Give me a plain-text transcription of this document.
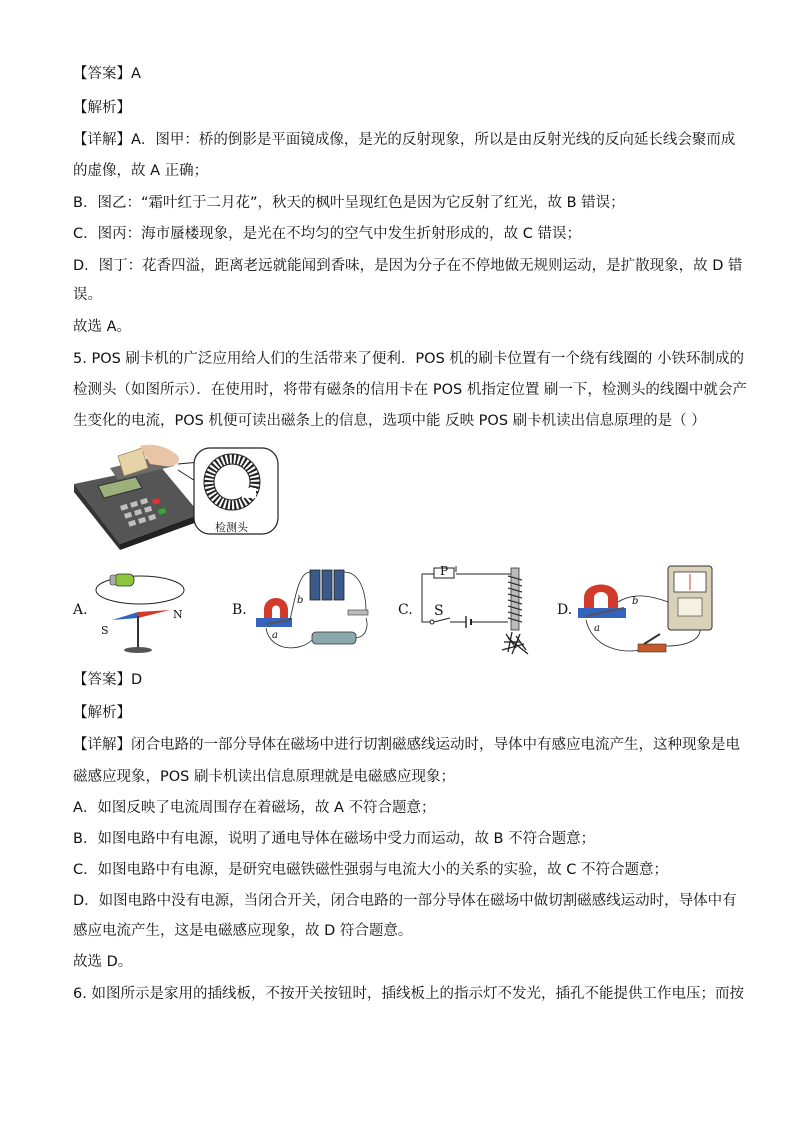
【答案】A
【解析】
【详解】A．图甲：桥的倒影是平面镜成像，是光的反射现象，所以是由反射光线的反向延长线会聚而成
的虚像，故 A 正确；
B．图乙：“霜叶红于二月花”，秋天的枫叶呈现红色是因为它反射了红光，故 B 错误；
C．图丙：海市蜃楼现象，是光在不均匀的空气中发生折射形成的，故 C 错误；
D．图丁：花香四溢，距离老远就能闻到香味，是因为分子在不停地做无规则运动，是扩散现象，故 D 错
误。
故选 A。
5. POS 刷卡机的广泛应用给人们的生活带来了便利．POS 机的刷卡位置有一个绕有线圈的 小铁环制成的
检测头（如图所示）．在使用时，将带有磁条的信用卡在 POS 机指定位置 刷一下，检测头的线圈中就会产
生变化的电流，POS 机便可读出磁条上的信息，选项中能 反映 POS 刷卡机读出信息原理的是（ ）
检测头
A.
S
N	B.
a
b
C.
P
S	D.
a
b
【答案】D
【解析】
【详解】闭合电路的一部分导体在磁场中进行切割磁感线运动时，导体中有感应电流产生，这种现象是电
磁感应现象，POS 刷卡机读出信息原理就是电磁感应现象；
A．如图反映了电流周围存在着磁场，故 A 不符合题意；
B．如图电路中有电源，说明了通电导体在磁场中受力而运动，故 B 不符合题意；
C．如图电路中有电源，是研究电磁铁磁性强弱与电流大小的关系的实验，故 C 不符合题意；
D．如图电路中没有电源，当闭合开关，闭合电路的一部分导体在磁场中做切割磁感线运动时，导体中有
感应电流产生，这是电磁感应现象，故 D 符合题意。
故选 D。
6. 如图所示是家用的插线板，不按开关按钮时，插线板上的指示灯不发光，插孔不能提供工作电压；而按
